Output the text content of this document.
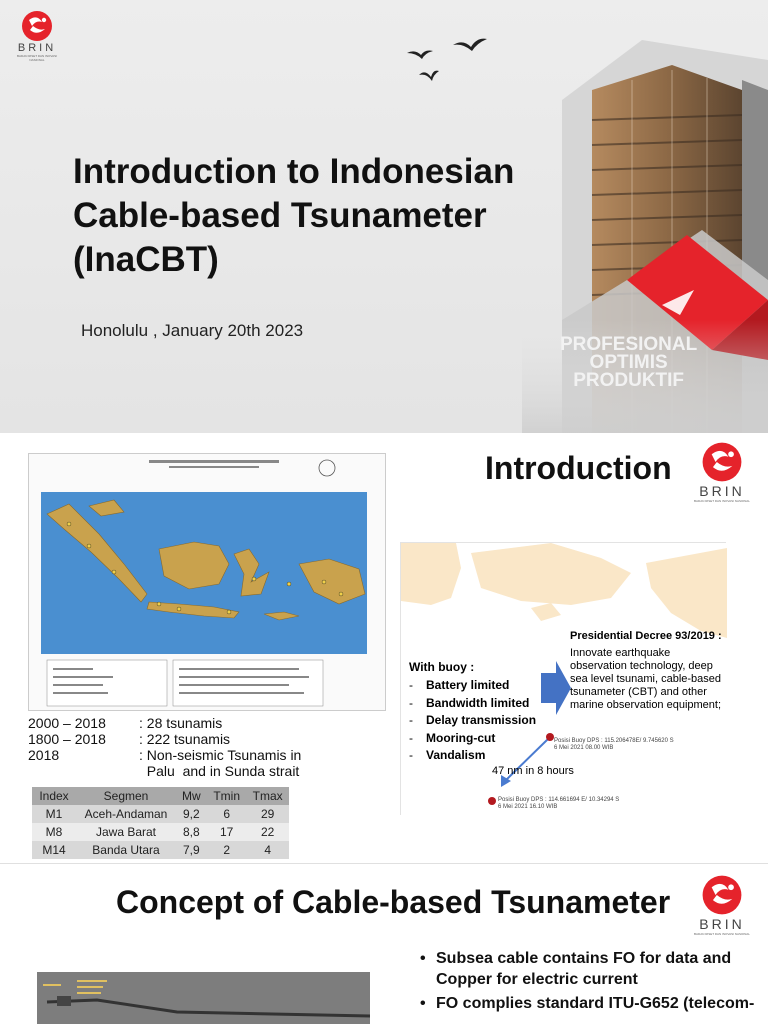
BRIN
BADAN RISET DAN INOVASI NASIONAL
Introduction to Indonesian Cable-based Tsunameter (InaCBT)
Honolulu , January 20th 2023
PROFESIONAL
OPTIMIS
PRODUKTIF
Introduction
BRIN
BADAN RISET DAN INOVASI NASIONAL
2000 – 2018	: 28 tsunamis
1800 – 2018	: 222 tsunamis
2018	: Non-seismic Tsunamis in
Palu  and in Sunda strait
Index	Segmen	Mw	Tmin	Tmax
M1	Aceh-Andaman	9,2	6	29
M8	Jawa Barat	8,8	17	22
M14	Banda Utara	7,9	2	4
Presidential Decree 93/2019 :
Innovate earthquake observation technology, deep sea level tsunami, cable-based tsunameter (CBT) and other marine observation equipment;
With buoy :
- Battery limited
- Bandwidth limited
- Delay transmission
- Mooring-cut
- Vandalism
Posisi Buoy DPS : 115.206478E/ 9.745620 S
6 Mei 2021 08.00 WIB
47 nm in 8 hours
Posisi Buoy DPS : 114.661694 E/ 10.34294 S
6 Mei 2021 16.10 WIB
Concept of Cable-based Tsunameter
BRIN
BADAN RISET DAN INOVASI NASIONAL
• Subsea cable contains FO for data and Copper for electric current
• FO complies standard ITU-G652 (telecom-
